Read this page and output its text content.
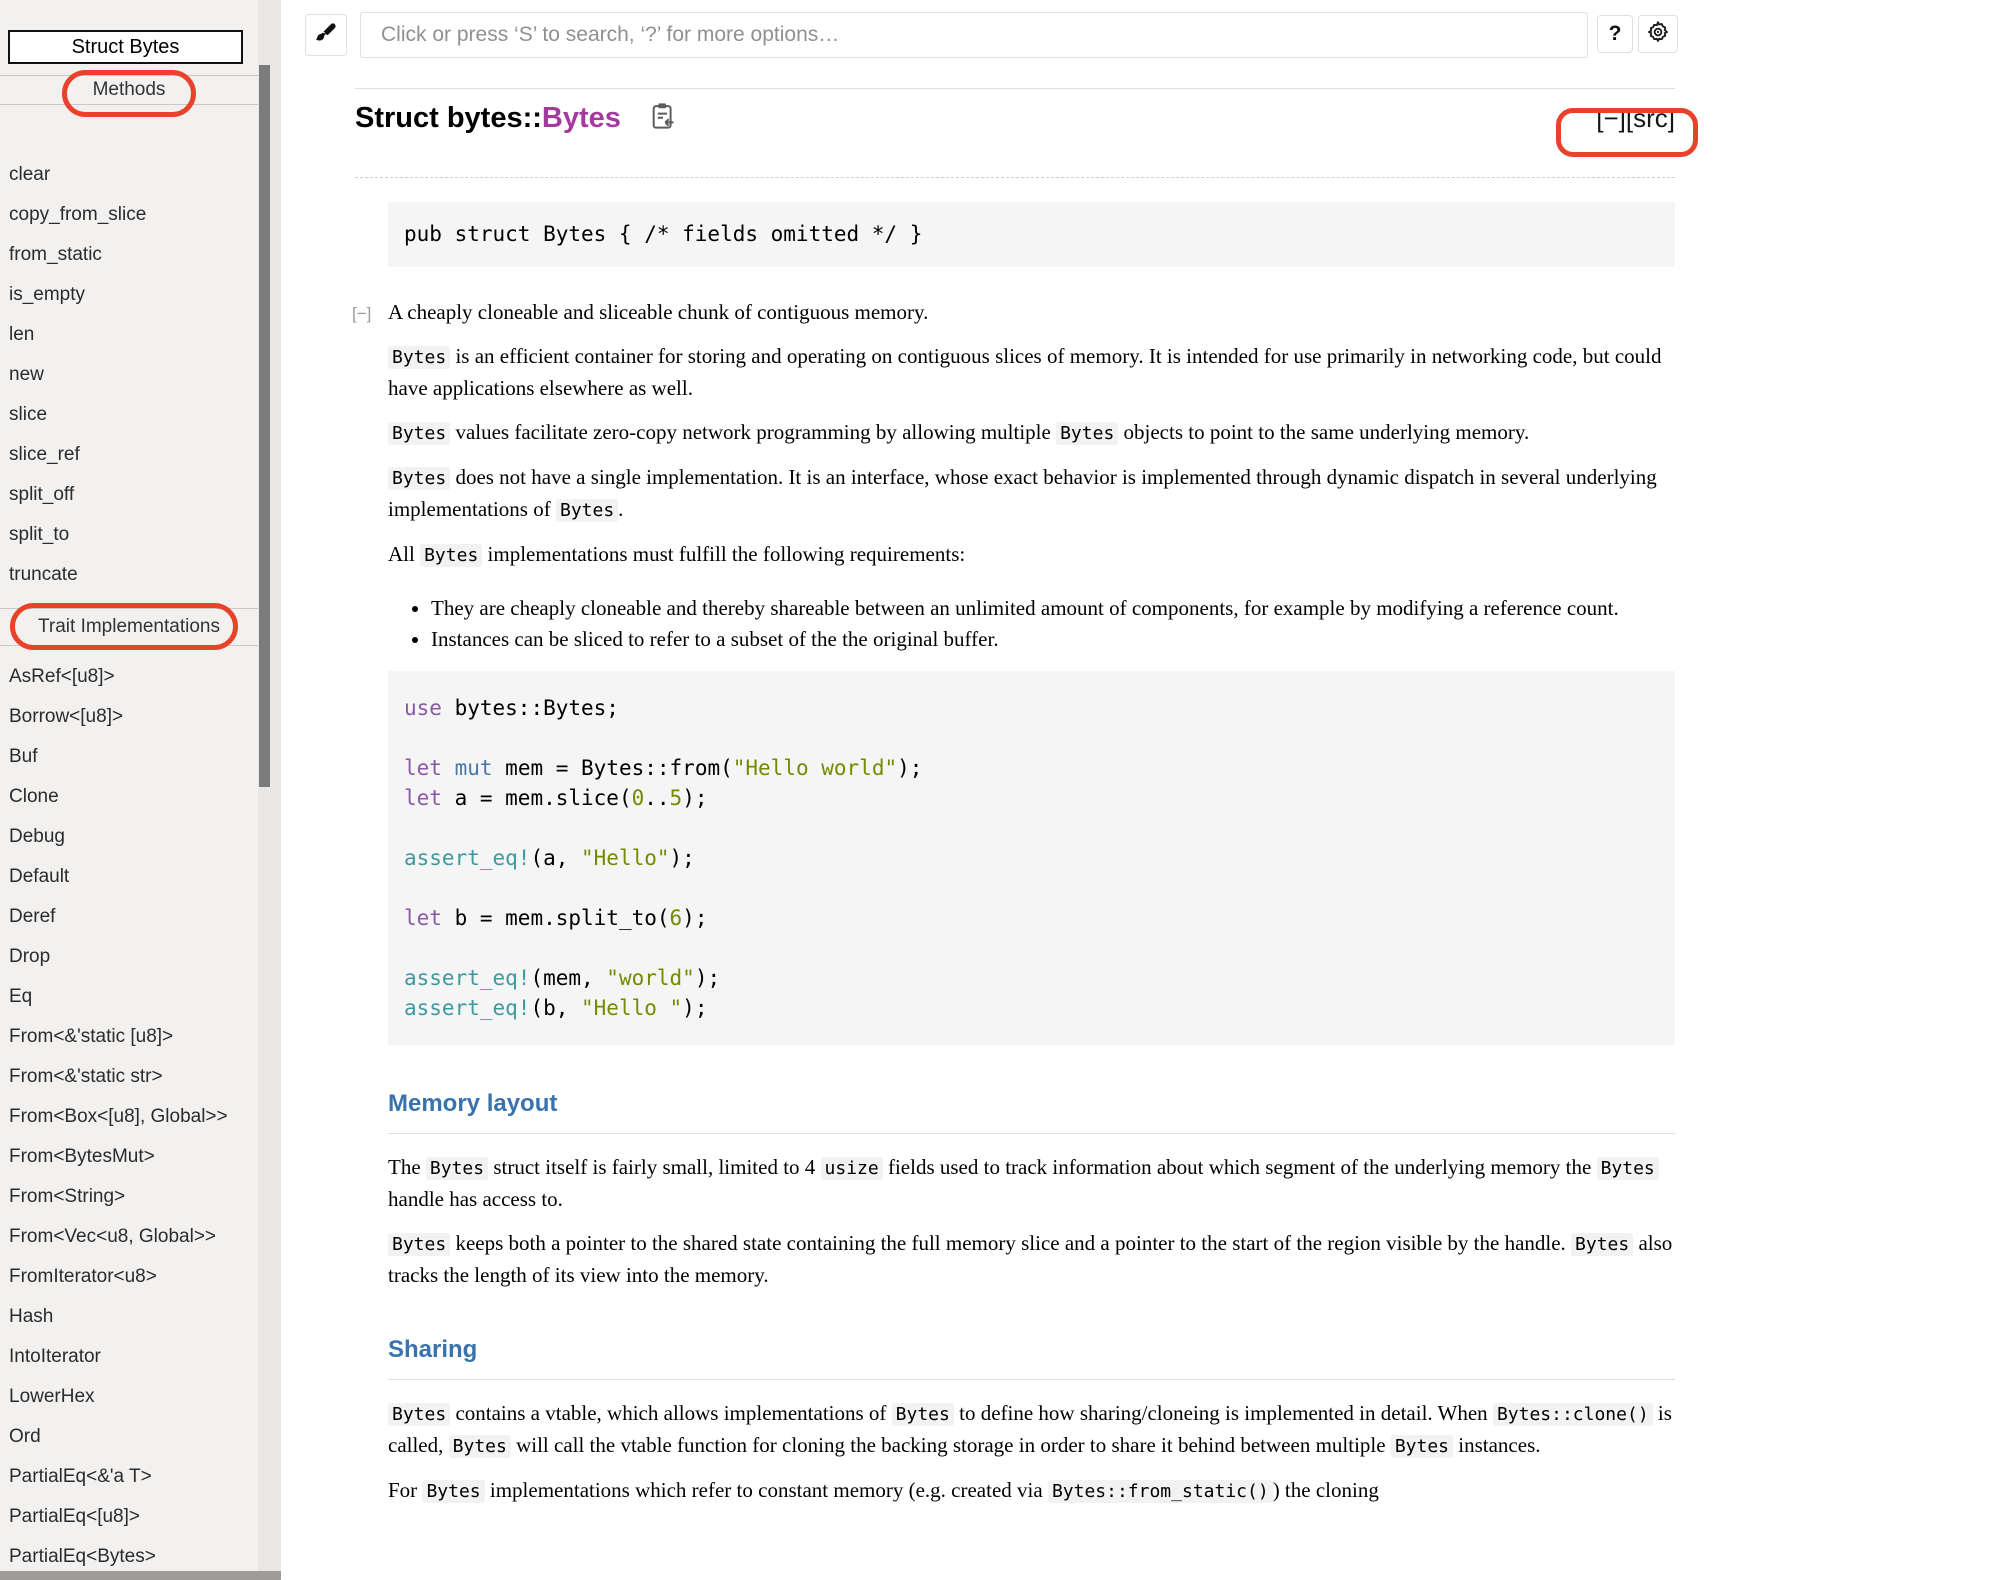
Struct Bytes
Methods
clear
copy_from_slice
from_static
is_empty
len
new
slice
slice_ref
split_off
split_to
truncate
Trait Implementations
AsRef<[u8]>
Borrow<[u8]>
Buf
Clone
Debug
Default
Deref
Drop
Eq
From<&'static [u8]>
From<&'static str>
From<Box<[u8], Global>>
From<BytesMut>
From<String>
From<Vec<u8, Global>>
FromIterator<u8>
Hash
IntoIterator
LowerHex
Ord
PartialEq<&'a T>
PartialEq<[u8]>
PartialEq<Bytes>
Click or press ‘S’ to search, ‘?’ for more options…
?
Struct bytes::Bytes	[−][src]
pub struct Bytes { /* fields omitted */ }

[−] A cheaply cloneable and sliceable chunk of contiguous memory.

Bytes is an efficient container for storing and operating on contiguous slices of memory. It is intended for use primarily in networking code, but could have applications elsewhere as well.

Bytes values facilitate zero-copy network programming by allowing multiple Bytes objects to point to the same underlying memory.

Bytes does not have a single implementation. It is an interface, whose exact behavior is implemented through dynamic dispatch in several underlying implementations of Bytes .

All Bytes implementations must fulfill the following requirements:

• They are cheaply cloneable and thereby shareable between an unlimited amount of components, for example by modifying a reference count.
• Instances can be sliced to refer to a subset of the the original buffer.
use bytes::Bytes;

let mut mem = Bytes::from("Hello world");
let a = mem.slice(0..5);

assert_eq!(a, "Hello");

let b = mem.split_to(6);

assert_eq!(mem, "world");
assert_eq!(b, "Hello ");
Memory layout

The Bytes struct itself is fairly small, limited to 4 usize fields used to track information about which segment of the underlying memory the Bytes handle has access to.

Bytes keeps both a pointer to the shared state containing the full memory slice and a pointer to the start of the region visible by the handle. Bytes also tracks the length of its view into the memory.

Sharing

Bytes contains a vtable, which allows implementations of Bytes to define how sharing/cloneing is implemented in detail. When Bytes::clone() is called, Bytes will call the vtable function for cloning the backing storage in order to share it behind between multiple Bytes instances.

For Bytes implementations which refer to constant memory (e.g. created via Bytes::from_static() ) the cloning
